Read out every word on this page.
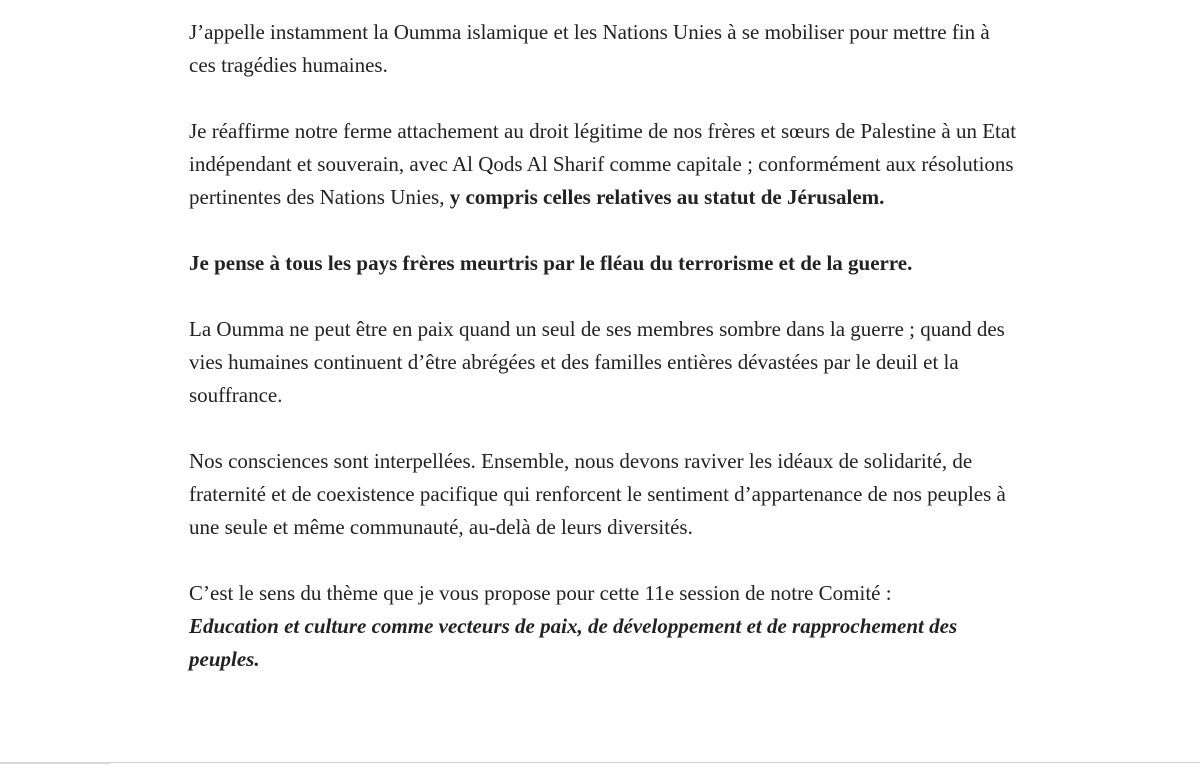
J’appelle instamment la Oumma islamique et les Nations Unies à se mobiliser pour mettre fin à ces tragédies humaines.

Je réaffirme notre ferme attachement au droit légitime de nos frères et sœurs de Palestine à un Etat indépendant et souverain, avec Al Qods Al Sharif comme capitale ; conformément aux résolutions pertinentes des Nations Unies, y compris celles relatives au statut de Jérusalem.

Je pense à tous les pays frères meurtris par le fléau du terrorisme et de la guerre.

La Oumma ne peut être en paix quand un seul de ses membres sombre dans la guerre ; quand des vies humaines continuent d’être abrégées et des familles entières dévastées par le deuil et la souffrance.

Nos consciences sont interpellées. Ensemble, nous devons raviver les idéaux de solidarité, de fraternité et de coexistence pacifique qui renforcent le sentiment d’appartenance de nos peuples à une seule et même communauté, au-delà de leurs diversités.

C’est le sens du thème que je vous propose pour cette 11e session de notre Comité :
Education et culture comme vecteurs de paix, de développement et de rapprochement des peuples.
